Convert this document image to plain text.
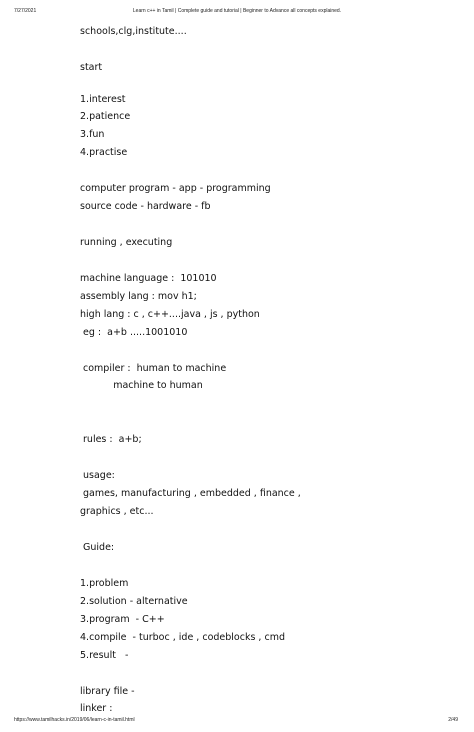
7/27/2021	Learn c++ in Tamil | Complete guide and tutorial | Beginner to Advance all concepts explained.
schools,clg,institute....
start
1.interest
2.patience
3.fun
4.practise
computer program - app - programming
source code - hardware - fb
running , executing
machine language :  101010
assembly lang : mov h1;
high lang : c , c++....java , js , python
eg :  a+b .....1001010
compiler :  human to machine
machine to human
rules :  a+b;
usage:
games, manufacturing , embedded , finance ,
graphics , etc...
Guide:
1.problem
2.solution - alternative
3.program  - C++
4.compile  - turboc , ide , codeblocks , cmd
5.result   -
library file -
linker :
https://www.tamilhacks.in/2019/06/learn-c-in-tamil.html	2/49
